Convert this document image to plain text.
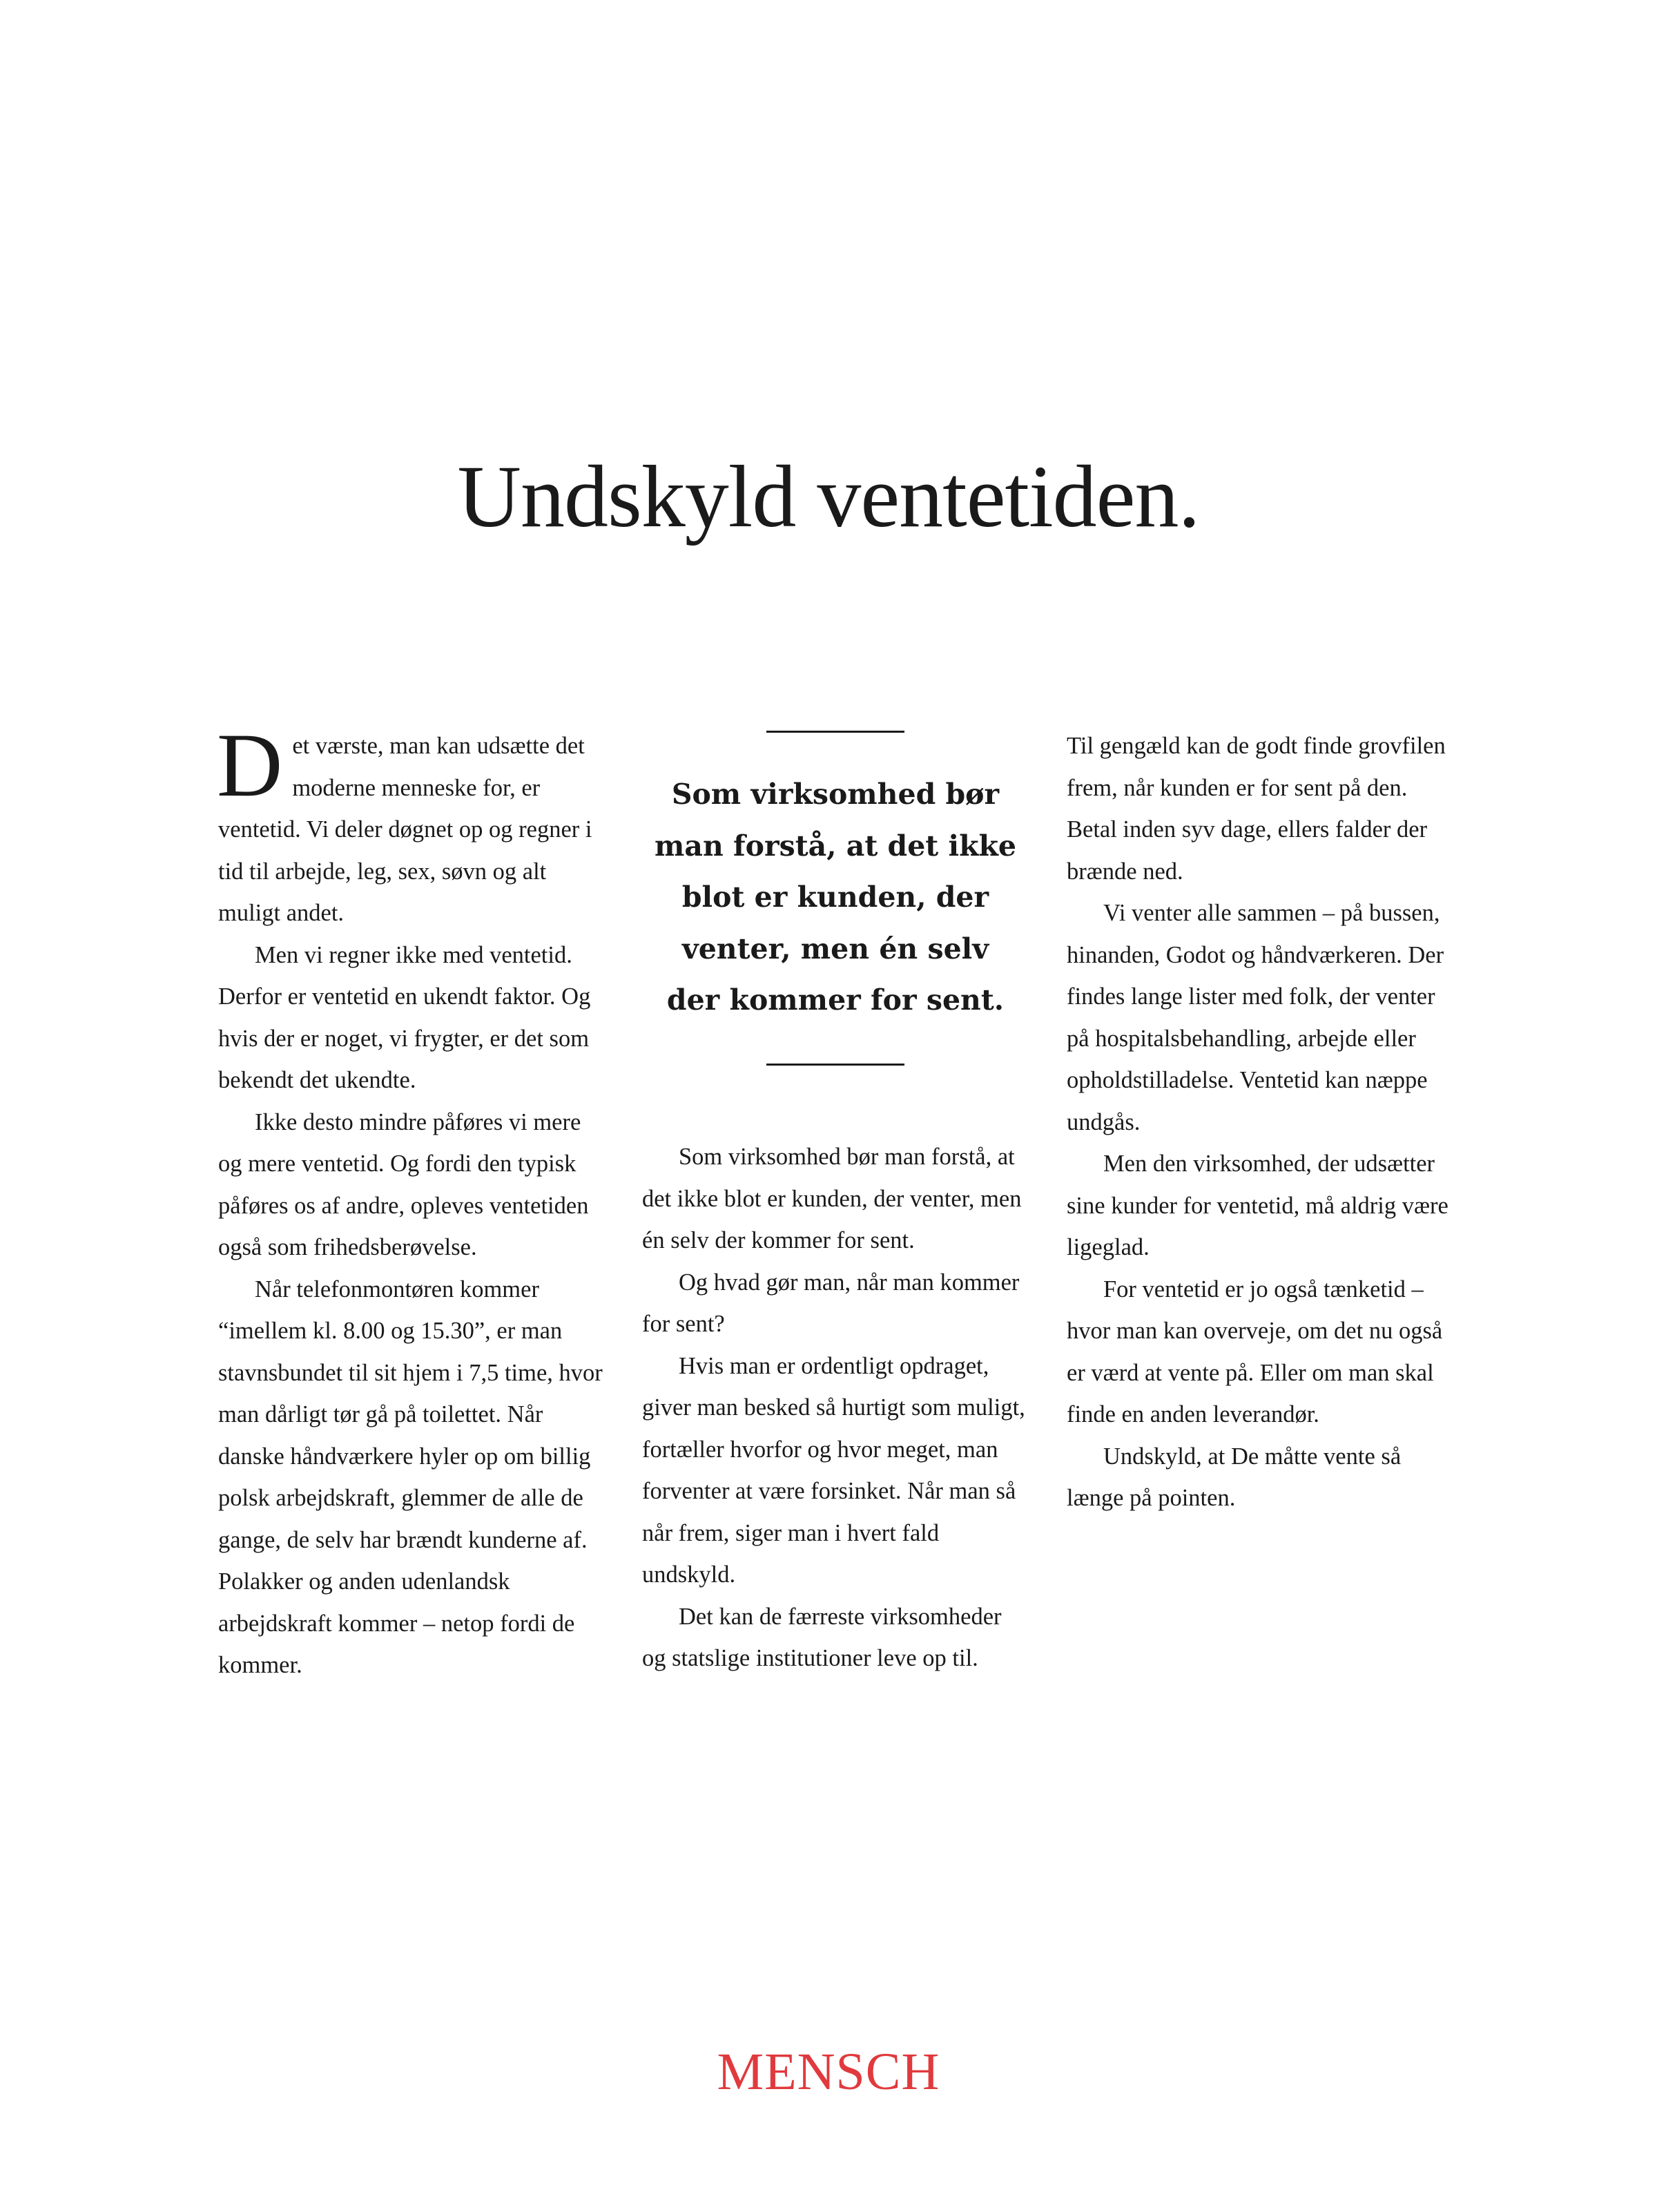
Undskyld ventetiden.

Det værste, man kan udsætte det moderne menneske for, er ventetid. Vi deler døgnet op og regner i tid til arbejde, leg, sex, søvn og alt muligt andet.

Men vi regner ikke med ventetid. Derfor er ventetid en ukendt faktor. Og hvis der er noget, vi frygter, er det som bekendt det ukendte.

Ikke desto mindre påføres vi mere og mere ventetid. Og fordi den typisk påføres os af andre, opleves ventetiden også som frihedsberøvelse.

Når telefonmontøren kommer “imellem kl. 8.00 og 15.30”, er man stavnsbundet til sit hjem i 7,5 time, hvor man dårligt tør gå på toilettet. Når danske håndværkere hyler op om billig polsk arbejdskraft, glemmer de alle de gange, de selv har brændt kunderne af. Polakker og anden udenlandsk arbejdskraft kommer – netop fordi de kommer.

Som virksomhed bør
man forstå, at det ikke
blot er kunden, der
venter, men én selv
der kommer for sent.

Som virksomhed bør man forstå, at det ikke blot er kunden, der venter, men én selv der kommer for sent.

Og hvad gør man, når man kommer for sent?

Hvis man er ordentligt opdraget, giver man besked så hurtigt som muligt, fortæller hvorfor og hvor meget, man forventer at være forsinket. Når man så når frem, siger man i hvert fald undskyld.

Det kan de færreste virksomheder og statslige institutioner leve op til.

Til gengæld kan de godt finde grovfilen frem, når kunden er for sent på den. Betal inden syv dage, ellers falder der brænde ned.

Vi venter alle sammen – på bussen, hinanden, Godot og håndværkeren. Der findes lange lister med folk, der venter på hospitalsbehandling, arbejde eller opholdstilladelse. Ventetid kan næppe undgås.

Men den virksomhed, der udsætter sine kunder for ventetid, må aldrig være ligeglad.

For ventetid er jo også tænketid – hvor man kan overveje, om det nu også er værd at vente på. Eller om man skal finde en anden leverandør.

Undskyld, at De måtte vente så længe på pointen.

MENSCH
